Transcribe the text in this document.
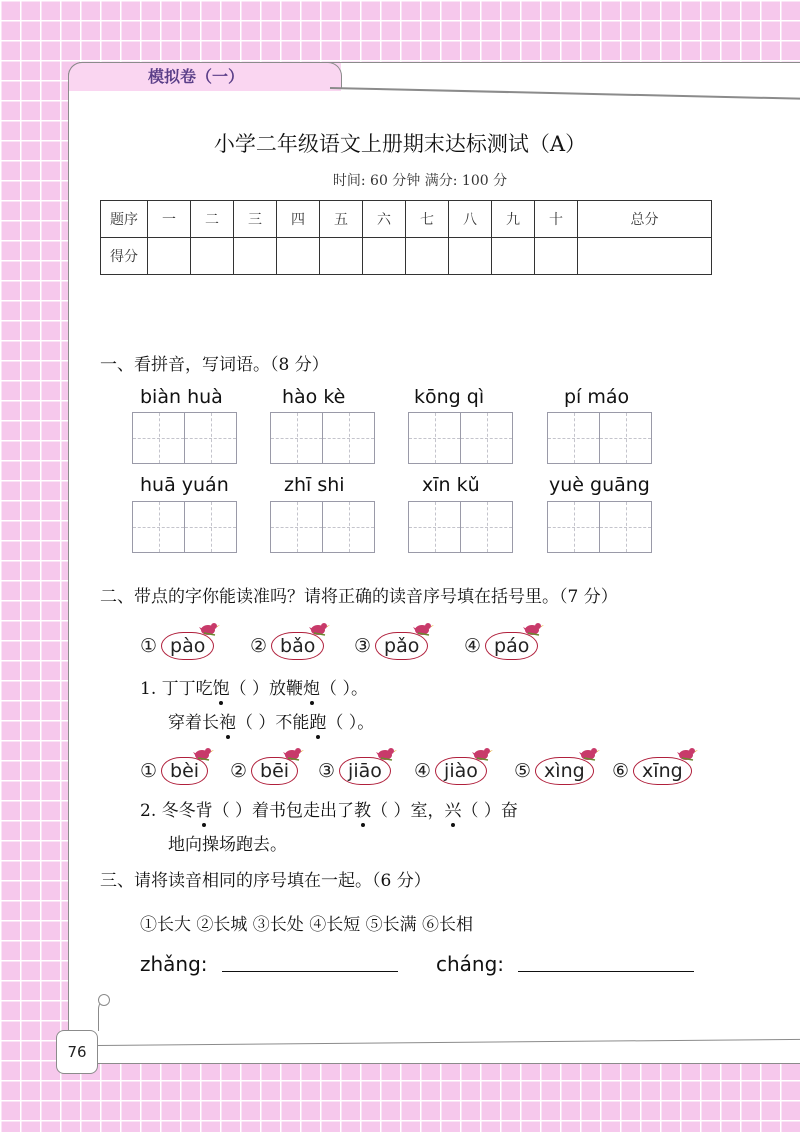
模拟卷（一）
小学二年级语文上册期末达标测试（A）
时间: 60 分钟 满分: 100 分
题序	一	二	三	四	五	六	七	八	九	十	总分
得分											
一、看拼音，写词语。（8 分）
biàn huà	hào kè	kōng qì	pí máo
huā yuán	zhī shi	xīn kǔ	yuè guāng
二、带点的字你能读准吗？请将正确的读音序号填在括号里。（7 分）
① pào	② bǎo	③ pǎo	④ páo
1. 丁丁吃饱（ ）放鞭炮（ ）。
穿着长袍（ ）不能跑（ ）。
① bèi	② bēi	③ jiāo	④ jiào	⑤ xìng	⑥ xīng
2. 冬冬背（ ）着书包走出了教（ ）室，兴（ ）奋
地向操场跑去。
三、请将读音相同的序号填在一起。（6 分）
①长大 ②长城 ③长处 ④长短 ⑤长满 ⑥长相
zhǎng:	cháng:
76
